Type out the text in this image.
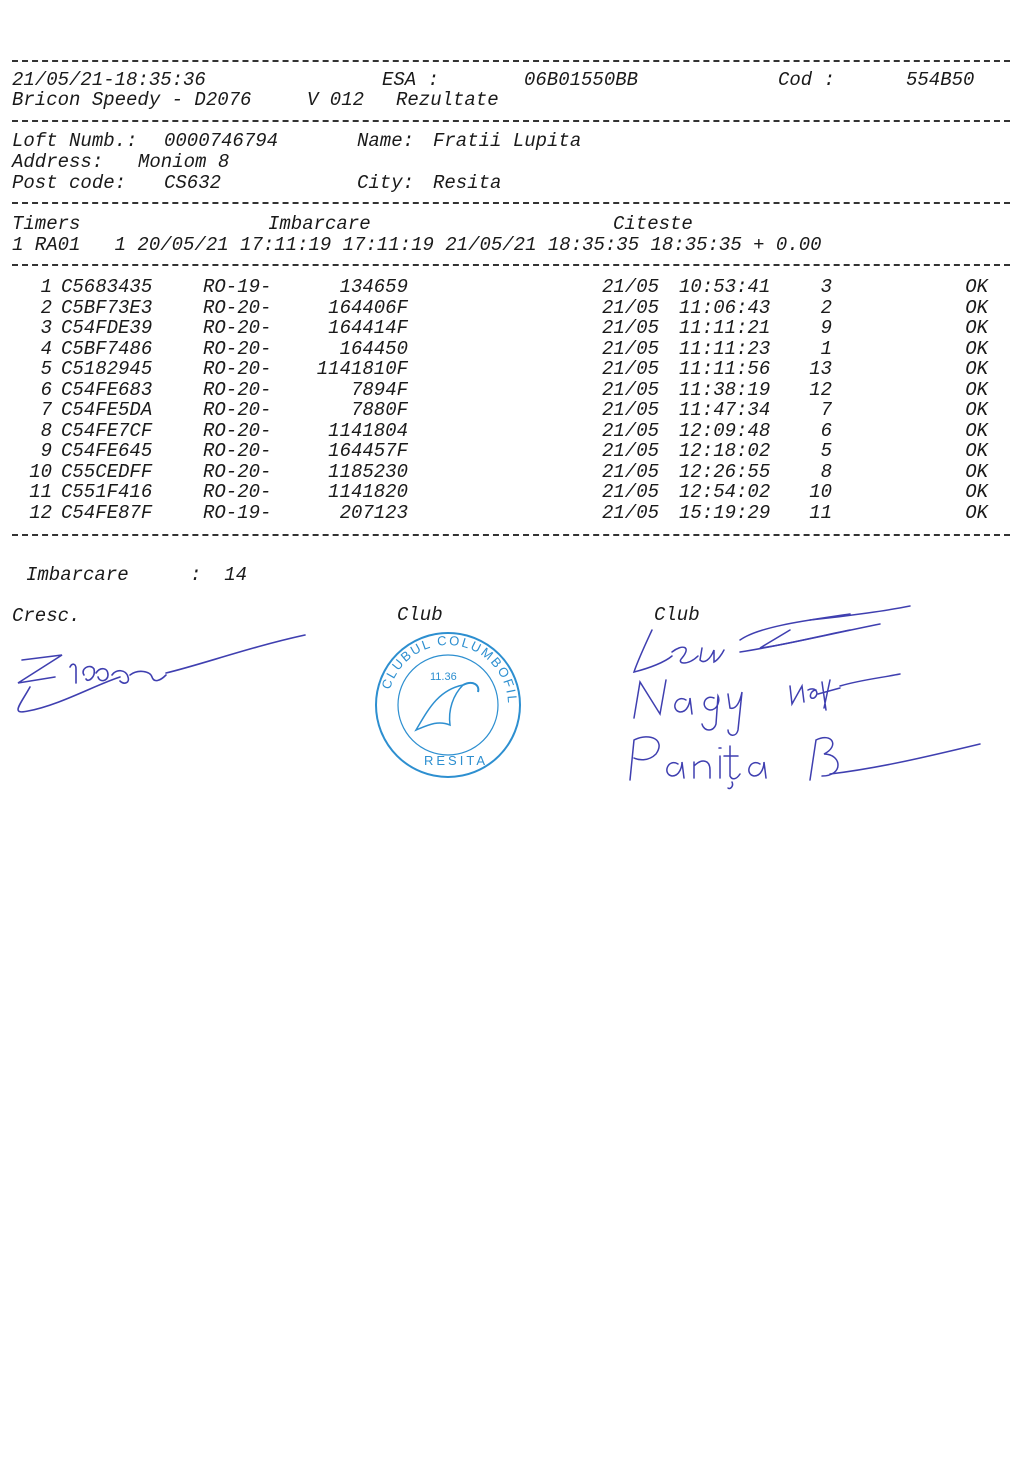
21/05/21-18:35:36	ESA :	06B01550BB	Cod :	554B50
Bricon Speedy - D2076	V 012 Rezultate
Loft Numb.: 0000746794	Name: Fratii Lupita
Address: Moniom 8
Post code: CS632	City: Resita
Timers	Imbarcare	Citeste
1 RA01   1 20/05/21 17:11:19 17:11:19 21/05/21 18:35:35 18:35:35 + 0.00
1 C5683435	RO-19-	134659	21/05 10:53:41	3	OK
2 C5BF73E3	RO-20-	164406F	21/05 11:06:43	2	OK
3 C54FDE39	RO-20-	164414F	21/05 11:11:21	9	OK
4 C5BF7486	RO-20-	164450	21/05 11:11:23	1	OK
5 C5182945	RO-20-	1141810F	21/05 11:11:56	13	OK
6 C54FE683	RO-20-	7894F	21/05 11:38:19	12	OK
7 C54FE5DA	RO-20-	7880F	21/05 11:47:34	7	OK
8 C54FE7CF	RO-20-	1141804	21/05 12:09:48	6	OK
9 C54FE645	RO-20-	164457F	21/05 12:18:02	5	OK
10 C55CEDFF	RO-20-	1185230	21/05 12:26:55	8	OK
11 C551F416	RO-20-	1141820	21/05 12:54:02	10	OK
12 C54FE87F	RO-19-	207123	21/05 15:19:29	11	OK
Imbarcare	:  14
Cresc.	Club	Club
CLUBUL COLUMBOFIL
11.36
RESITA
